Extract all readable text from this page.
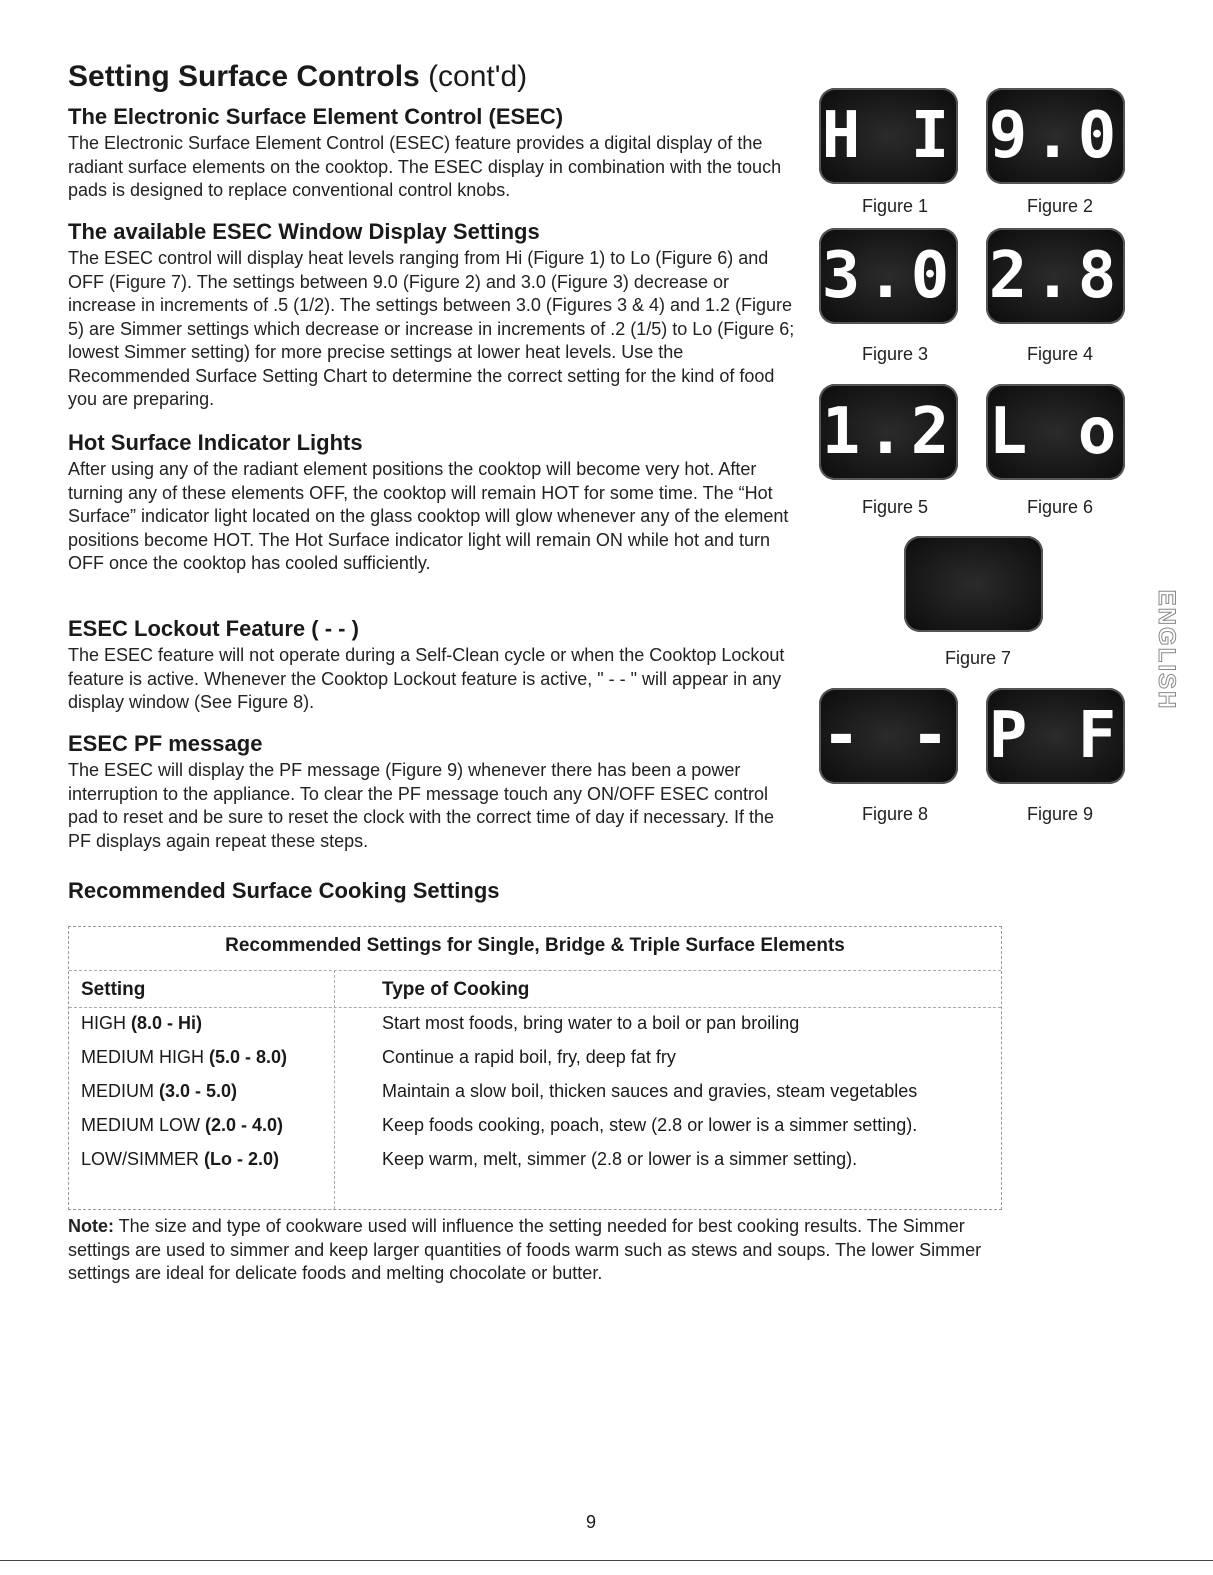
Setting Surface Controls (cont'd)
The Electronic Surface Element Control (ESEC)
The Electronic Surface Element Control (ESEC) feature provides a digital display of the radiant surface elements on the cooktop. The ESEC display in combination with the touch pads is designed to replace conventional control knobs.
The available ESEC Window Display Settings
The ESEC control will display heat levels ranging from Hi (Figure 1) to Lo (Figure 6) and OFF (Figure 7). The settings between 9.0 (Figure 2) and 3.0 (Figure 3) decrease or increase in increments of .5 (1/2). The settings between 3.0 (Figures 3 & 4) and 1.2 (Figure 5) are Simmer settings which decrease or increase in increments of .2 (1/5) to Lo (Figure 6; lowest Simmer setting) for more precise settings at lower heat levels. Use the Recommended Surface Setting Chart to determine the correct setting for the kind of food you are preparing.
Hot Surface Indicator Lights
After using any of the radiant element positions the cooktop will become very hot. After turning any of these elements OFF, the cooktop will remain HOT for some time. The “Hot Surface” indicator light located on the glass cooktop will glow whenever any of the element positions become HOT. The Hot Surface indicator light will remain ON while hot and turn OFF once the cooktop has cooled sufficiently.
ESEC Lockout Feature ( - - )
The ESEC feature will not operate during a Self-Clean cycle or when the Cooktop Lockout feature is active. Whenever the Cooktop Lockout feature is active, " - - " will appear in any display window (See Figure 8).
ESEC PF message
The ESEC will display the PF message (Figure 9) whenever there has been a power interruption to the appliance. To clear the PF message touch any ON/OFF ESEC control pad to reset and be sure to reset the clock with the correct time of day if necessary. If the PF displays again repeat these steps.
Recommended Surface Cooking Settings
H I
Figure 1
9.0
Figure 2
3.0
Figure 3
2.8
Figure 4
1.2
Figure 5
L o
Figure 6
Figure 7
- -
Figure 8
P F
Figure 9
ENGLISH
Recommended Settings for Single, Bridge & Triple Surface Elements
Setting	Type of Cooking
HIGH (8.0 - Hi)	Start most foods, bring water to a boil or pan broiling
MEDIUM HIGH (5.0 - 8.0)	Continue a rapid boil, fry, deep fat fry
MEDIUM (3.0 - 5.0)	Maintain a slow boil, thicken sauces and gravies, steam vegetables
MEDIUM LOW (2.0 - 4.0)	Keep foods cooking, poach, stew (2.8 or lower is a simmer setting).
LOW/SIMMER (Lo - 2.0)	Keep warm, melt, simmer (2.8 or lower is a simmer setting).
Note: The size and type of cookware used will influence the setting needed for best cooking results. The Simmer settings are used to simmer and keep larger quantities of foods warm such as stews and soups. The lower Simmer settings are ideal for delicate foods and melting chocolate or butter.
9
